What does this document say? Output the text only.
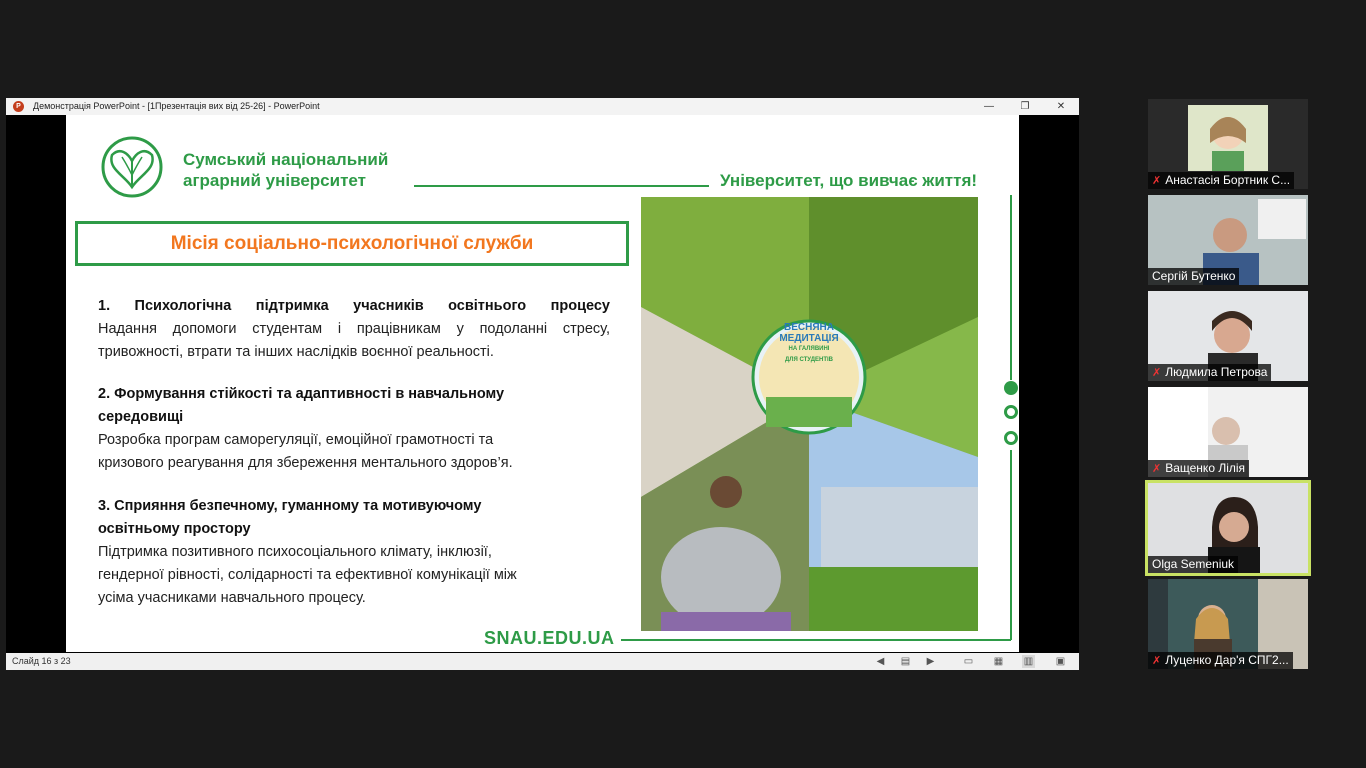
P	Демонстрація PowerPoint - [1Презентація вих від 25-26] - PowerPoint	—	❐	✕
Сумський національний
аграрний університет	Університет, що вивчає життя!
Місія соціально-психологічної служби
1. Психологічна підтримка учасників освітнього процесу
Надання допомоги студентам і працівникам у подоланні стресу,
тривожності, втрати та інших наслідків воєнної реальності.
2. Формування стійкості та адаптивності в навчальному
середовищі
Розробка програм саморегуляції, емоційної грамотності та
кризового реагування для збереження ментального здоров’я.
3. Сприяння безпечному, гуманному та мотивуючому
освітньому простору
Підтримка позитивного психосоціального клімату, інклюзії,
гендерної рівності, солідарності та ефективної комунікації між
усіма учасниками навчального процесу.
ВЕСНЯНА МЕДИТАЦІЯ
НА ГАЛЯВИНІ
ДЛЯ СТУДЕНТІВ
SNAU.EDU.UA
Слайд 16 з 23	◀ ▤ ▶	▭ ▦ ▥ ▣
✗ Анастасія Бортник С...
Сергій Бутенко
✗ Людмила Петрова
✗ Ващенко Лілія
Olga Semeniuk
✗ Луценко Дар'я СПГ2...
